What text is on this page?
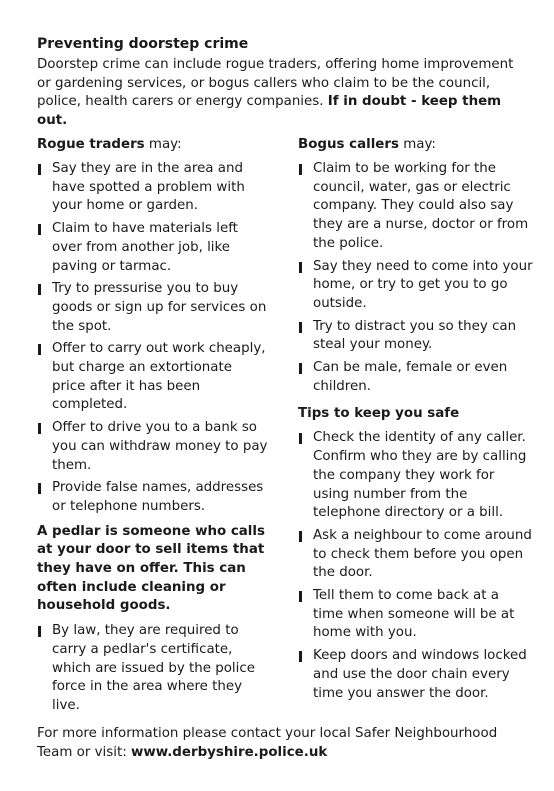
Preventing doorstep crime

Doorstep crime can include rogue traders, offering home improvement or gardening services, or bogus callers who claim to be the council, police, health carers or energy companies. If in doubt - keep them out.

Rogue traders may:

Say they are in the area and have spotted a problem with your home or garden.
Claim to have materials left over from another job, like paving or tarmac.
Try to pressurise you to buy goods or sign up for services on the spot.
Offer to carry out work cheaply, but charge an extortionate price after it has been completed.
Offer to drive you to a bank so you can withdraw money to pay them.
Provide false names, addresses or telephone numbers.

A pedlar is someone who calls at your door to sell items that they have on offer. This can often include cleaning or household goods.

By law, they are required to carry a pedlar's certificate, which are issued by the police force in the area where they live.

Bogus callers may:

Claim to be working for the council, water, gas or electric company. They could also say they are a nurse, doctor or from the police.
Say they need to come into your home, or try to get you to go outside.
Try to distract you so they can steal your money.
Can be male, female or even children.

Tips to keep you safe

Check the identity of any caller. Confirm who they are by calling the company they work for using number from the telephone directory or a bill.
Ask a neighbour to come around to check them before you open the door.
Tell them to come back at a time when someone will be at home with you.
Keep doors and windows locked and use the door chain every time you answer the door.

For more information please contact your local Safer Neighbourhood Team or visit: www.derbyshire.police.uk
